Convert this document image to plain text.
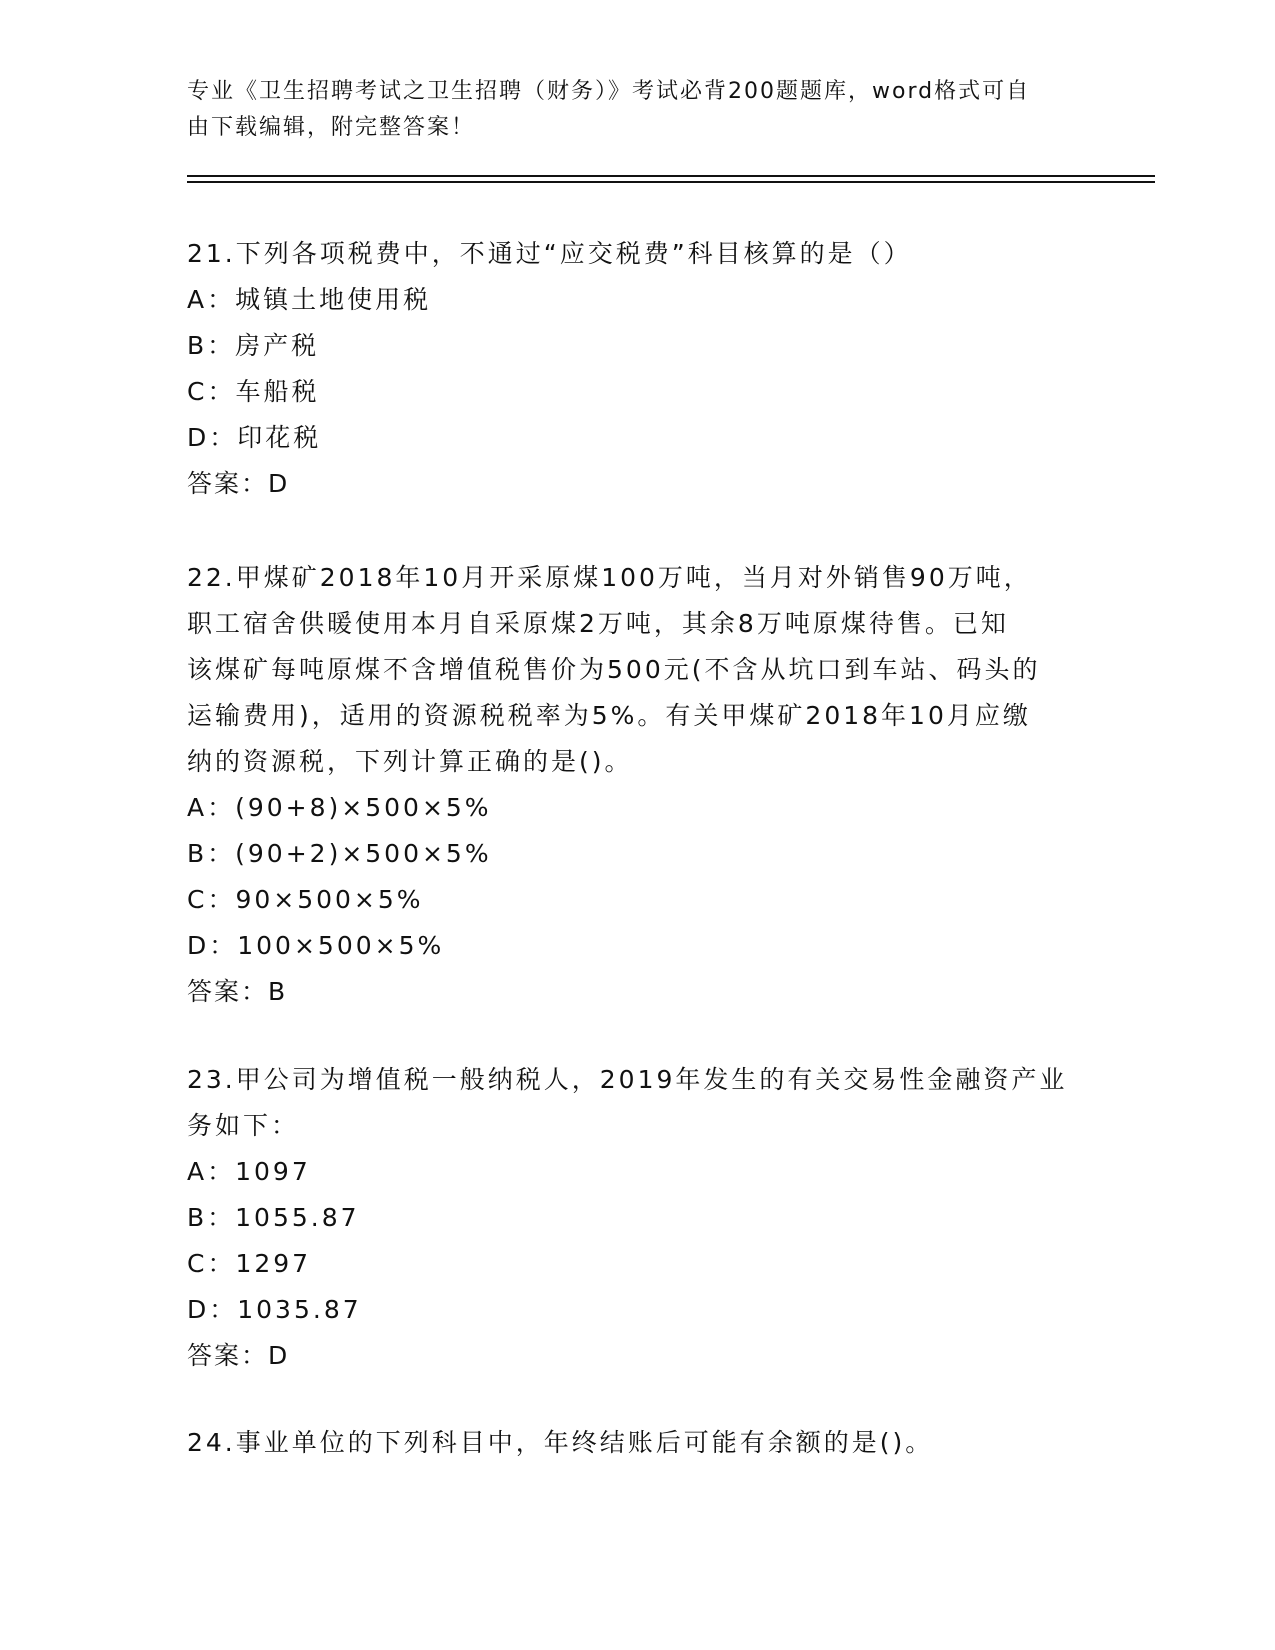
专业《卫生招聘考试之卫生招聘（财务）》考试必背200题题库，word格式可自
由下载编辑，附完整答案！
21.下列各项税费中，不通过“应交税费”科目核算的是（）
A：城镇土地使用税
B：房产税
C：车船税
D：印花税
答案：D
22.甲煤矿2018年10月开采原煤100万吨，当月对外销售90万吨，
职工宿舍供暖使用本月自采原煤2万吨，其余8万吨原煤待售。已知
该煤矿每吨原煤不含增值税售价为500元(不含从坑口到车站、码头的
运输费用)，适用的资源税税率为5%。有关甲煤矿2018年10月应缴
纳的资源税，下列计算正确的是()。
A：(90+8)×500×5%
B：(90+2)×500×5%
C：90×500×5%
D：100×500×5%
答案：B
23.甲公司为增值税一般纳税人，2019年发生的有关交易性金融资产业
务如下：
A：1097
B：1055.87
C：1297
D：1035.87
答案：D
24.事业单位的下列科目中，年终结账后可能有余额的是()。
